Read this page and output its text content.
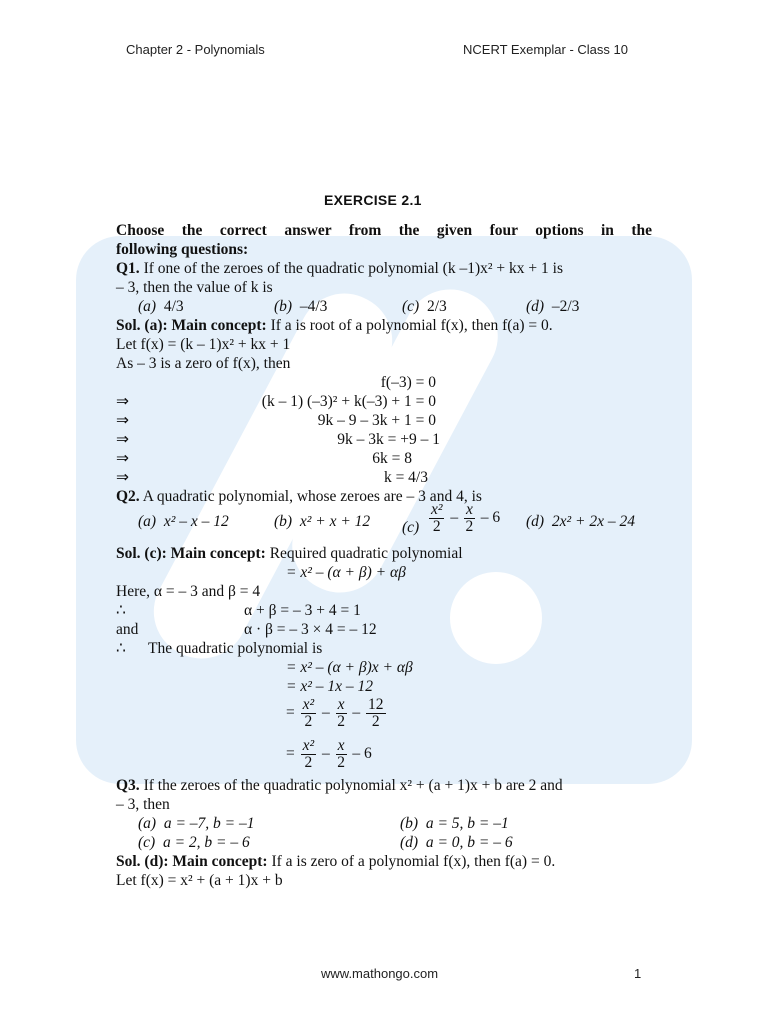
Chapter 2 - Polynomials	NCERT Exemplar - Class 10
EXERCISE 2.1
Choose the correct answer from the given four options in the
following questions:
Q1. If one of the zeroes of the quadratic polynomial (k –1)x² + kx + 1 is
– 3, then the value of k is
(a) 4/3	(b) –4/3	(c) 2/3	(d) –2/3
Sol. (a): Main concept: If a is root of a polynomial f(x), then f(a) = 0.
Let f(x) = (k – 1)x² + kx + 1
As – 3 is a zero of f(x), then
f(–3) = 0
⇒	(k – 1) (–3)² + k(–3) + 1 = 0
⇒	9k – 9 – 3k + 1 = 0
⇒	9k – 3k = +9 – 1
⇒	6k = 8
⇒	k = 4/3
Q2. A quadratic polynomial, whose zeroes are – 3 and 4, is
(a) x² – x – 12	(b) x² + x + 12 $(c) \frac{\text{x²}}{2} - \frac{x}{2} - 6$ (d) 2x² + 2x – 24
Sol. (c): Main concept: Required quadratic polynomial
= x² – (α + β) + αβ
Here, α = – 3 and β = 4
∴	α + β = – 3 + 4 = 1
and	α · β = – 3 × 4 = – 12
∴ The quadratic polynomial is
= x² – (α + β)x + αβ
= x² – 1x – 12
= $\frac{\text{x²}}{2} - \frac{x}{2} - \frac{12}{2}$
= $\frac{\text{x²}}{2} - \frac{x}{2} - 6$
Q3. If the zeroes of the quadratic polynomial x² + (a + 1)x + b are 2 and
– 3, then
(a) a = –7, b = –1	(b) a = 5, b = –1
(c) a = 2, b = – 6	(d) a = 0, b = – 6
Sol. (d): Main concept: If a is zero of a polynomial f(x), then f(a) = 0.
Let f(x) = x² + (a + 1)x + b
www.mathongo.com	1
